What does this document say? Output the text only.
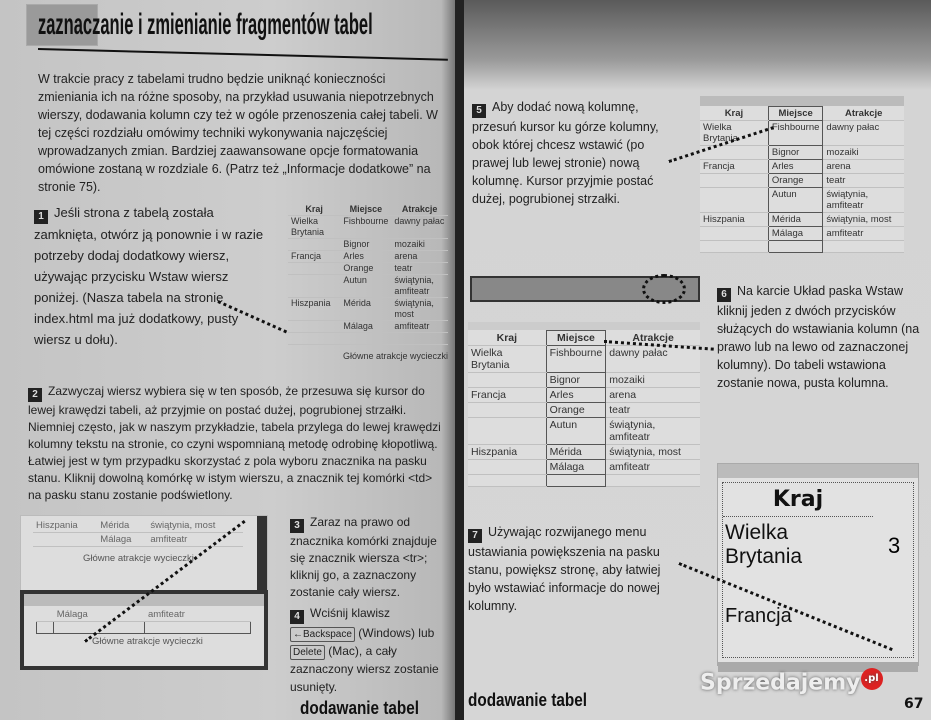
zaznaczanie i zmienianie fragmentów tabel
W trakcie pracy z tabelami trudno będzie uniknąć konieczności zmieniania ich na różne sposoby, na przykład usuwania niepotrzebnych wierszy, dodawania kolumn czy też w ogóle przenoszenia całej tabeli. W tej części rozdziału omówimy techniki wykonywania najczęściej wprowadzanych zmian. Bardziej zaawansowane opcje formatowania omówione zostaną w rozdziale 6. (Patrz też „Informacje dodatkowe” na stronie 75).
1 Jeśli strona z tabelą została zamknięta, otwórz ją ponownie i w razie potrzeby dodaj dodatkowy wiersz, używając przycisku Wstaw wiersz poniżej. (Nasza tabela na stronie index.html ma już dodatkowy, pusty wiersz u dołu).
Kraj	Miejsce	Atrakcje
Wielka Brytania	Fishbourne	dawny pałac
	Bignor	mozaiki
Francja	Arles	arena
	Orange	teatr
	Autun	świątynia, amfiteatr
Hiszpania	Mérida	świątynia, most
	Málaga	amfiteatr

Główne atrakcje wycieczki
2 Zazwyczaj wiersz wybiera się w ten sposób, że przesuwa się kursor do lewej krawędzi tabeli, aż przyjmie on postać dużej, pogrubionej strzałki. Niemniej często, jak w naszym przykładzie, tabela przylega do lewej krawędzi kolumny tekstu na stronie, co czyni wspomnianą metodę odrobinę kłopotliwą. Łatwiej jest w tym przypadku skorzystać z pola wyboru znacznika na pasku stanu. Kliknij dowolną komórkę w istym wierszu, a znacznik tej komórki <td> na pasku stanu zostanie podświetlony.
Hiszpania	Mérida	świątynia, most
	Málaga	amfiteatr
Główne atrakcje wycieczki
	Málaga	amfiteatr

Główne atrakcje wycieczki
3 Zaraz na prawo od znacznika komórki znajduje się znacznik wiersza <tr>; kliknij go, a zaznaczony zostanie cały wiersz.
4 Wciśnij klawisz ←Backspace (Windows) lub Delete (Mac), a cały zaznaczony wiersz zostanie usunięty.
dodawanie tabel
5 Aby dodać nową kolumnę, przesuń kursor ku górze kolumny, obok której chcesz wstawić (po prawej lub lewej stronie) nową kolumnę. Kursor przyjmie postać dużej, pogrubionej strzałki.
Kraj	Miejsce	Atrakcje
Wielka Brytania	Fishbourne	dawny pałac
	Bignor	mozaiki
Francja	Arles	arena
	Orange	teatr
	Autun	świątynia, amfiteatr
Hiszpania	Mérida	świątynia, most
	Málaga	amfiteatr

Kraj	Miejsce	Atrakcje
Wielka Brytania	Fishbourne	dawny pałac
	Bignor	mozaiki
Francja	Arles	arena
	Orange	teatr
	Autun	świątynia, amfiteatr
Hiszpania	Mérida	świątynia, most
	Málaga	amfiteatr

6 Na karcie Układ paska Wstaw kliknij jeden z dwóch przycisków służących do wstawiania kolumn (na prawo lub na lewo od zaznaczonej kolumny). Do tabeli wstawiona zostanie nowa, pusta kolumna.
7 Używając rozwijanego menu ustawiania powiększenia na pasku stanu, powiększ stronę, aby łatwiej było wstawiać informacje do nowej kolumny.
Kraj
Wielka Brytania	3
Francja
dodawanie tabel
Sprzedajemy .pl
67
